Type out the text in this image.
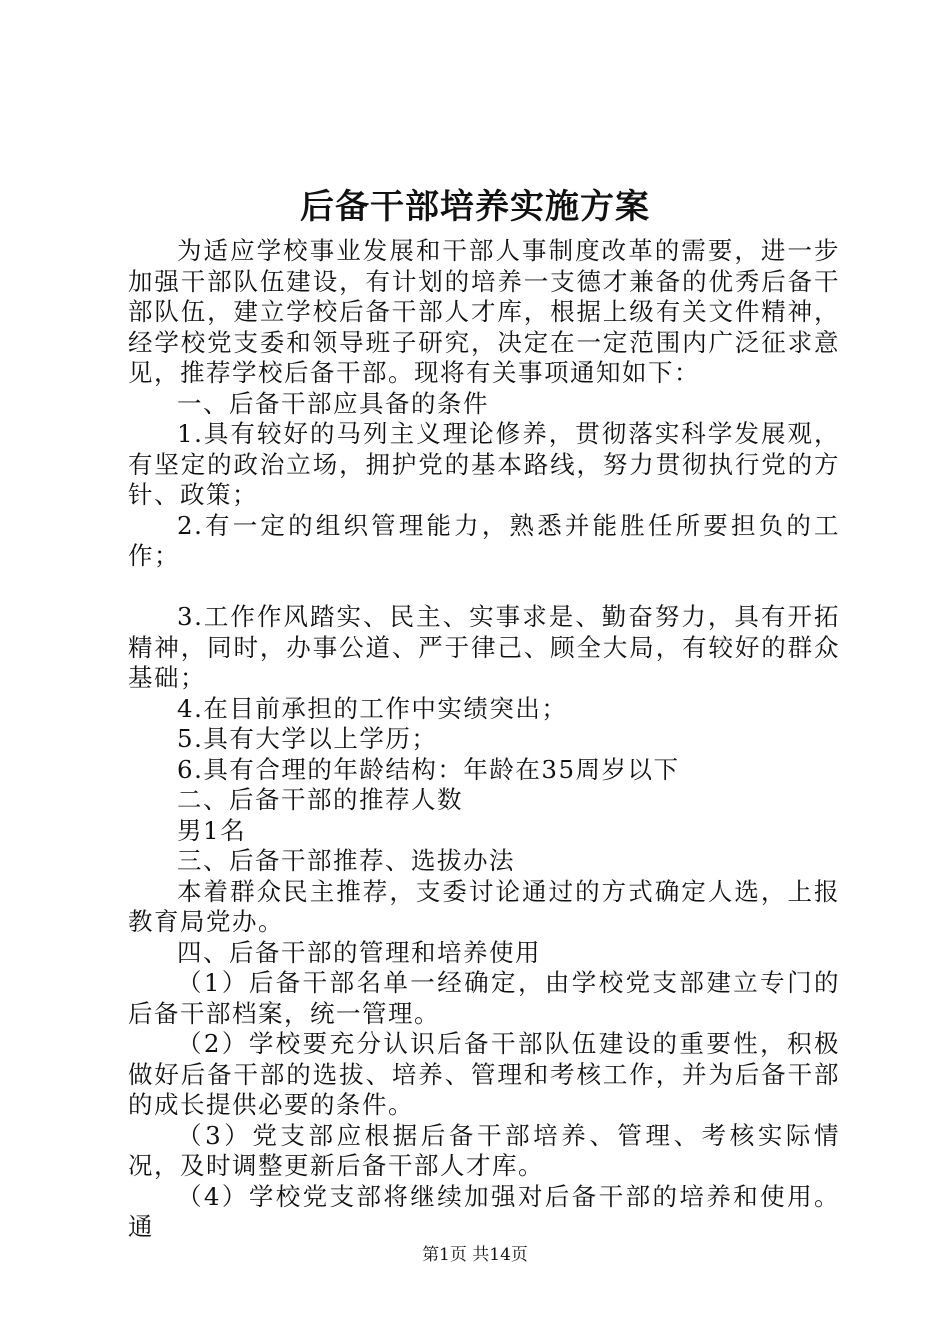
后备干部培养实施方案

为适应学校事业发展和干部人事制度改革的需要，进一步加强干部队伍建设，有计划的培养一支德才兼备的优秀后备干部队伍，建立学校后备干部人才库，根据上级有关文件精神，经学校党支委和领导班子研究，决定在一定范围内广泛征求意见，推荐学校后备干部。现将有关事项通知如下：

一、后备干部应具备的条件

1.具有较好的马列主义理论修养，贯彻落实科学发展观，有坚定的政治立场，拥护党的基本路线，努力贯彻执行党的方针、政策；

2.有一定的组织管理能力，熟悉并能胜任所要担负的工作；

3.工作作风踏实、民主、实事求是、勤奋努力，具有开拓精神，同时，办事公道、严于律己、顾全大局，有较好的群众基础；

4.在目前承担的工作中实绩突出；

5.具有大学以上学历；

6.具有合理的年龄结构：年龄在35周岁以下

二、后备干部的推荐人数

男1名

三、后备干部推荐、选拔办法

本着群众民主推荐，支委讨论通过的方式确定人选，上报教育局党办。

四、后备干部的管理和培养使用

（1）后备干部名单一经确定，由学校党支部建立专门的后备干部档案，统一管理。

（2）学校要充分认识后备干部队伍建设的重要性，积极做好后备干部的选拔、培养、管理和考核工作，并为后备干部的成长提供必要的条件。

（3）党支部应根据后备干部培养、管理、考核实际情况，及时调整更新后备干部人才库。

（4）学校党支部将继续加强对后备干部的培养和使用。通

第1页 共14页
